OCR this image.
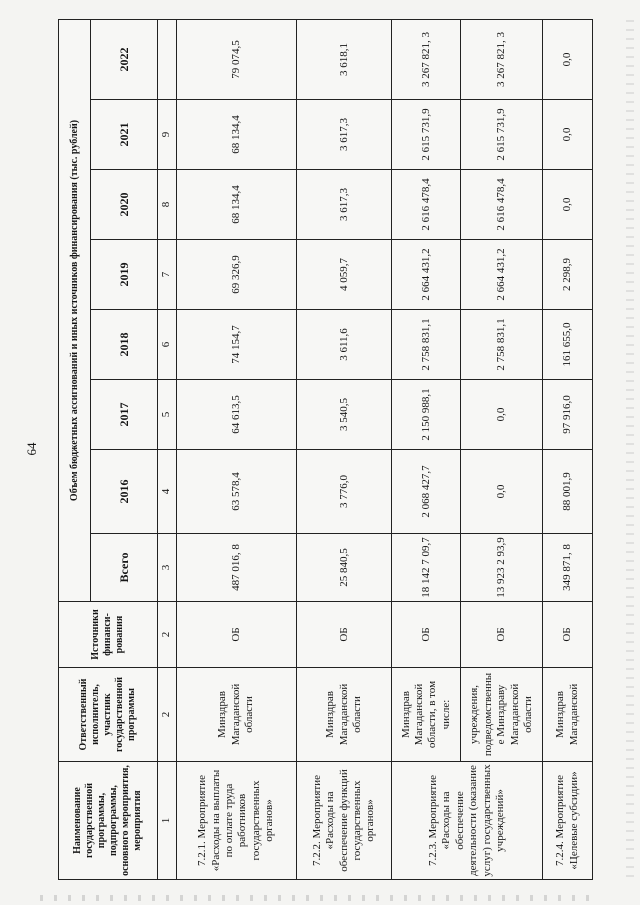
64
Наименование государственной программы, подпрограммы, основного мероприятия, мероприятия	Ответственный исполнитель, участник государственной программы	Источники финанси-рования	Объем бюджетных ассигнований и иных источников финансирования (тыс. рублей)							
			Всего	2016	2017	2018	2019	2020	2021	2022
1	2	2	3	4	5	6	7	8	9	
7.2.1. Мероприятие «Расходы на выплаты по оплате труда работников государственных органов»	Минздрав Магаданской области	ОБ	487 016, 8	63 578,4	64 613,5	74 154,7	69 326,9	68 134,4	68 134,4	79 074,5
7.2.2. Мероприятие «Расходы на обеспечение функций государственных органов»	Минздрав Магаданской области	ОБ	25 840,5	3 776,0	3 540,5	3 611,6	4 059,7	3 617,3	3 617,3	3 618,1
7.2.3. Мероприятие «Расходы на обеспечение деятельности (оказание услуг) государственных учреждений»	Минздрав Магаданской области, в том числе:	ОБ	18 142 7 09,7	2 068 427,7	2 150 988,1	2 758 831,1	2 664 431,2	2 616 478,4	2 615 731,9	3 267 821, 3
	учреждения, подведомственны е Минздраву Магаданской области	ОБ	13 923 2 93,9	0,0	0,0	2 758 831,1	2 664 431,2	2 616 478,4	2 615 731,9	3 267 821, 3
7.2.4. Мероприятие «Целевые субсидии»	Минздрав Магаданской	ОБ	349 871, 8	88 001,9	97 916,0	161 655,0	2 298,9	0,0	0,0	0,0
